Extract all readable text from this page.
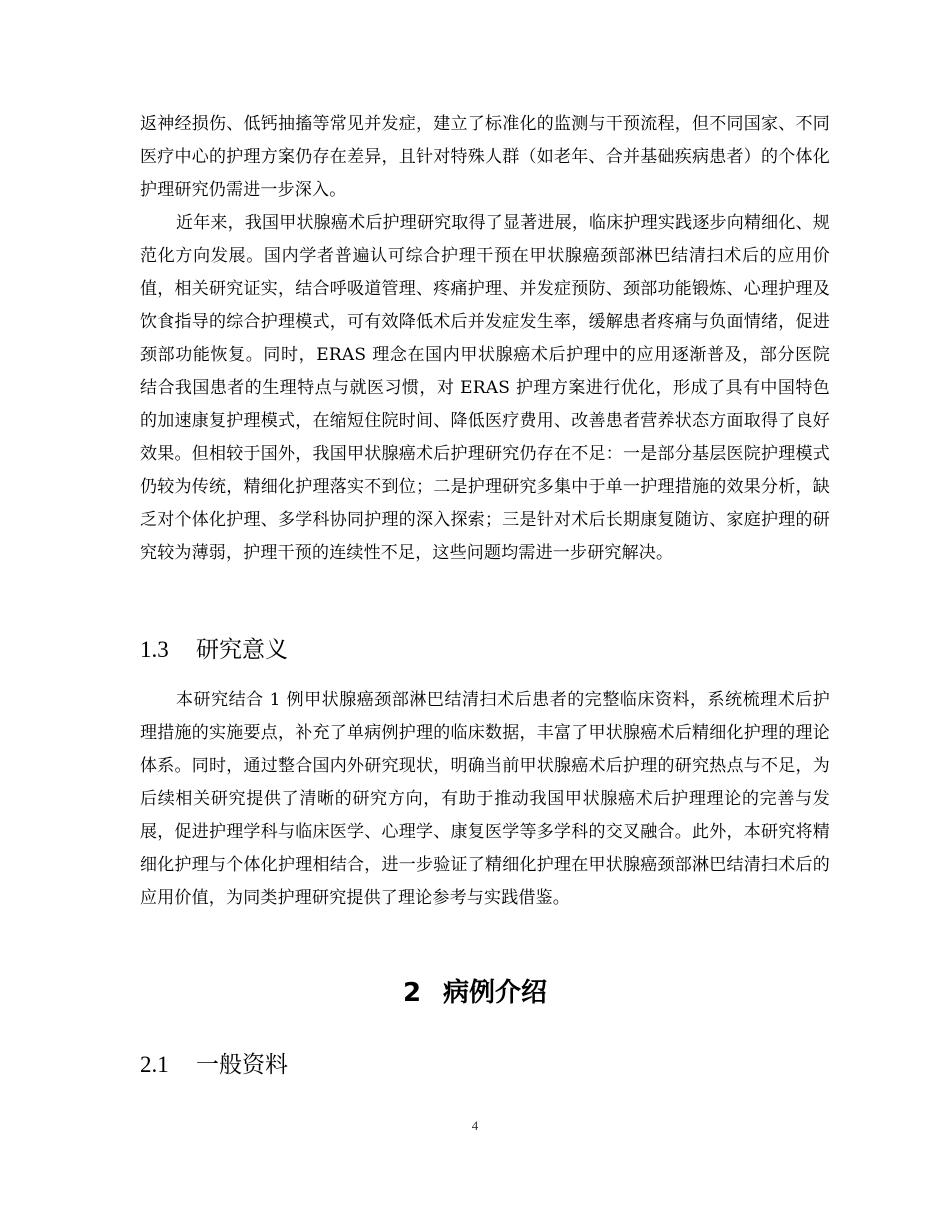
返神经损伤、低钙抽搐等常见并发症，建立了标准化的监测与干预流程，但不同国家、不同医疗中心的护理方案仍存在差异，且针对特殊人群（如老年、合并基础疾病患者）的个体化护理研究仍需进一步深入。

近年来，我国甲状腺癌术后护理研究取得了显著进展，临床护理实践逐步向精细化、规范化方向发展。国内学者普遍认可综合护理干预在甲状腺癌颈部淋巴结清扫术后的应用价值，相关研究证实，结合呼吸道管理、疼痛护理、并发症预防、颈部功能锻炼、心理护理及饮食指导的综合护理模式，可有效降低术后并发症发生率，缓解患者疼痛与负面情绪，促进颈部功能恢复。同时，ERAS 理念在国内甲状腺癌术后护理中的应用逐渐普及，部分医院结合我国患者的生理特点与就医习惯，对 ERAS 护理方案进行优化，形成了具有中国特色的加速康复护理模式，在缩短住院时间、降低医疗费用、改善患者营养状态方面取得了良好效果。但相较于国外，我国甲状腺癌术后护理研究仍存在不足：一是部分基层医院护理模式仍较为传统，精细化护理落实不到位；二是护理研究多集中于单一护理措施的效果分析，缺乏对个体化护理、多学科协同护理的深入探索；三是针对术后长期康复随访、家庭护理的研究较为薄弱，护理干预的连续性不足，这些问题均需进一步研究解决。

1.3 研究意义

本研究结合 1 例甲状腺癌颈部淋巴结清扫术后患者的完整临床资料，系统梳理术后护理措施的实施要点，补充了单病例护理的临床数据，丰富了甲状腺癌术后精细化护理的理论体系。同时，通过整合国内外研究现状，明确当前甲状腺癌术后护理的研究热点与不足，为后续相关研究提供了清晰的研究方向，有助于推动我国甲状腺癌术后护理理论的完善与发展，促进护理学科与临床医学、心理学、康复医学等多学科的交叉融合。此外，本研究将精细化护理与个体化护理相结合，进一步验证了精细化护理在甲状腺癌颈部淋巴结清扫术后的应用价值，为同类护理研究提供了理论参考与实践借鉴。

2 病例介绍
2.1 一般资料
4
